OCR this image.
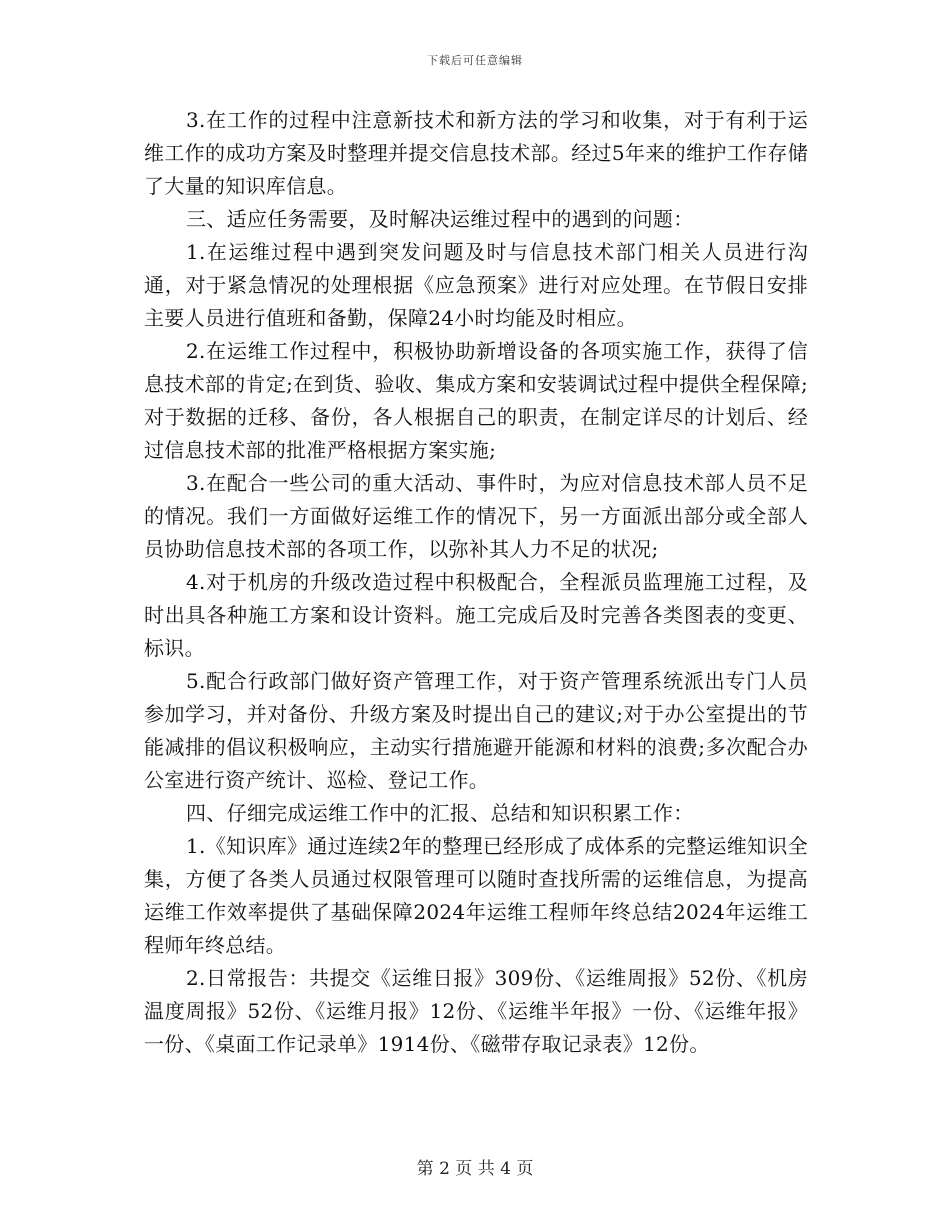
下载后可任意编辑

3.在工作的过程中注意新技术和新方法的学习和收集，对于有利于运维工作的成功方案及时整理并提交信息技术部。经过5年来的维护工作存储了大量的知识库信息。

三、适应任务需要，及时解决运维过程中的遇到的问题：

1.在运维过程中遇到突发问题及时与信息技术部门相关人员进行沟通，对于紧急情况的处理根据《应急预案》进行对应处理。在节假日安排主要人员进行值班和备勤，保障24小时均能及时相应。

2.在运维工作过程中，积极协助新增设备的各项实施工作，获得了信息技术部的肯定;在到货、验收、集成方案和安装调试过程中提供全程保障;对于数据的迁移、备份，各人根据自己的职责，在制定详尽的计划后、经过信息技术部的批准严格根据方案实施;

3.在配合一些公司的重大活动、事件时，为应对信息技术部人员不足的情况。我们一方面做好运维工作的情况下，另一方面派出部分或全部人员协助信息技术部的各项工作，以弥补其人力不足的状况;

4.对于机房的升级改造过程中积极配合，全程派员监理施工过程，及时出具各种施工方案和设计资料。施工完成后及时完善各类图表的变更、标识。

5.配合行政部门做好资产管理工作，对于资产管理系统派出专门人员参加学习，并对备份、升级方案及时提出自己的建议;对于办公室提出的节能减排的倡议积极响应，主动实行措施避开能源和材料的浪费;多次配合办公室进行资产统计、巡检、登记工作。

四、仔细完成运维工作中的汇报、总结和知识积累工作：

1.《知识库》通过连续2年的整理已经形成了成体系的完整运维知识全集，方便了各类人员通过权限管理可以随时查找所需的运维信息，为提高运维工作效率提供了基础保障2024年运维工程师年终总结2024年运维工程师年终总结。

2.日常报告：共提交《运维日报》309份、《运维周报》52份、《机房温度周报》52份、《运维月报》12份、《运维半年报》一份、《运维年报》一份、《桌面工作记录单》1914份、《磁带存取记录表》12份。

第 2 页 共 4 页
